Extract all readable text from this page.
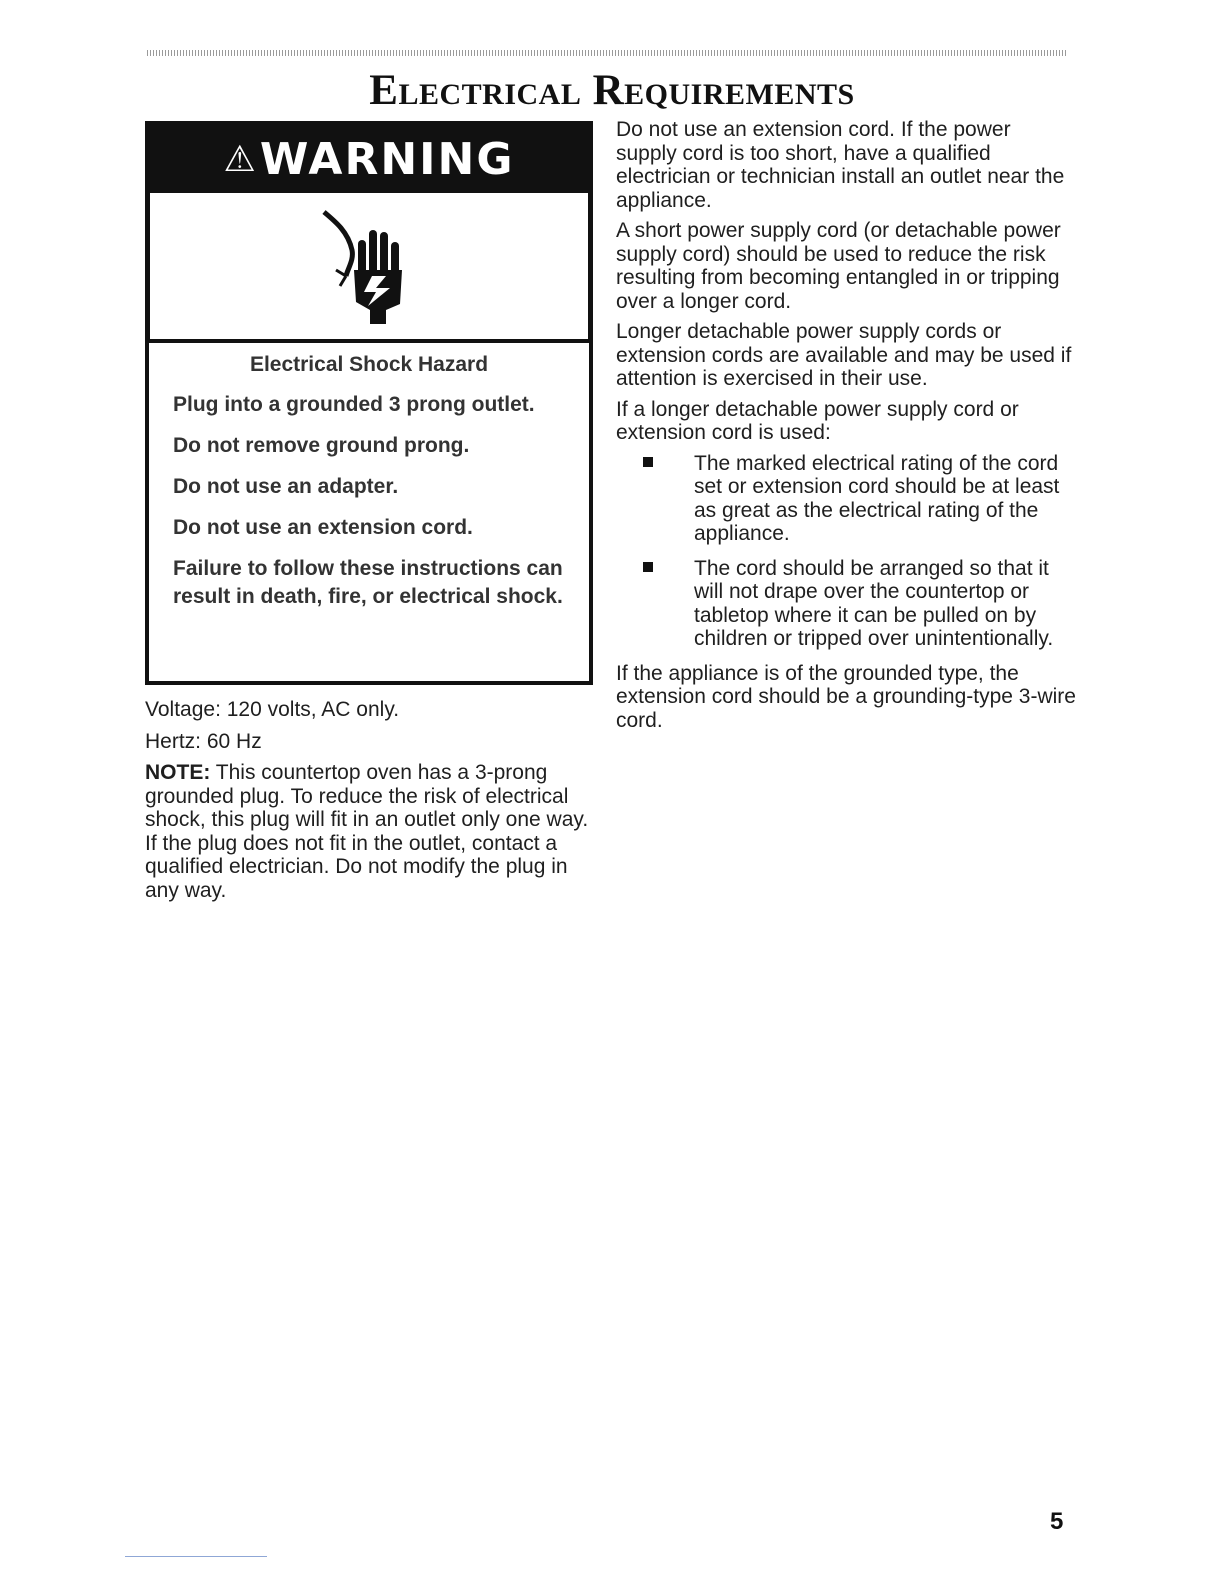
Electrical Requirements
⚠ WARNING
Electrical Shock Hazard
Plug into a grounded 3 prong outlet.
Do not remove ground prong.
Do not use an adapter.
Do not use an extension cord.
Failure to follow these instructions can result in death, fire, or electrical shock.

Voltage: 120 volts, AC only.

Hertz: 60 Hz

NOTE: This countertop oven has a 3-prong grounded plug. To reduce the risk of electrical shock, this plug will fit in an outlet only one way. If the plug does not fit in the outlet, contact a qualified electrician. Do not modify the plug in any way.

Do not use an extension cord. If the power supply cord is too short, have a qualified electrician or technician install an outlet near the appliance.

A short power supply cord (or detachable power supply cord) should be used to reduce the risk resulting from becoming entangled in or tripping over a longer cord.

Longer detachable power supply cords or extension cords are available and may be used if attention is exercised in their use.

If a longer detachable power supply cord or extension cord is used:

The marked electrical rating of the cord set or extension cord should be at least as great as the electrical rating of the appliance.
The cord should be arranged so that it will not drape over the countertop or tabletop where it can be pulled on by children or tripped over unintentionally.

If the appliance is of the grounded type, the extension cord should be a grounding-type 3-wire cord.

5
